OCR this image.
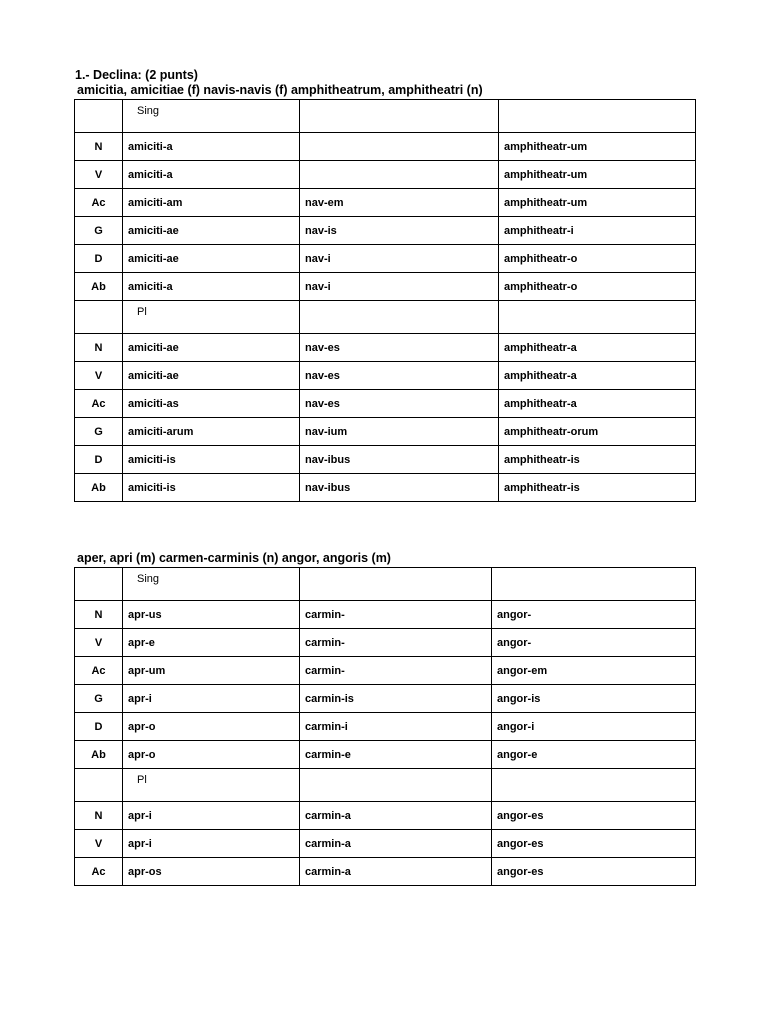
1.- Declina: (2 punts)
amicitia, amicitiae (f) navis-navis (f) amphitheatrum, amphitheatri (n)
	Sing		
N	amiciti-a		amphitheatr-um
V	amiciti-a		amphitheatr-um
Ac	amiciti-am	nav-em	amphitheatr-um
G	amiciti-ae	nav-is	amphitheatr-i
D	amiciti-ae	nav-i	amphitheatr-o
Ab	amiciti-a	nav-i	amphitheatr-o
	Pl		
N	amiciti-ae	nav-es	amphitheatr-a
V	amiciti-ae	nav-es	amphitheatr-a
Ac	amiciti-as	nav-es	amphitheatr-a
G	amiciti-arum	nav-ium	amphitheatr-orum
D	amiciti-is	nav-ibus	amphitheatr-is
Ab	amiciti-is	nav-ibus	amphitheatr-is
aper, apri (m) carmen-carminis (n) angor, angoris (m)
	Sing		
N	apr-us	carmin-	angor-
V	apr-e	carmin-	angor-
Ac	apr-um	carmin-	angor-em
G	apr-i	carmin-is	angor-is
D	apr-o	carmin-i	angor-i
Ab	apr-o	carmin-e	angor-e
	Pl		
N	apr-i	carmin-a	angor-es
V	apr-i	carmin-a	angor-es
Ac	apr-os	carmin-a	angor-es
